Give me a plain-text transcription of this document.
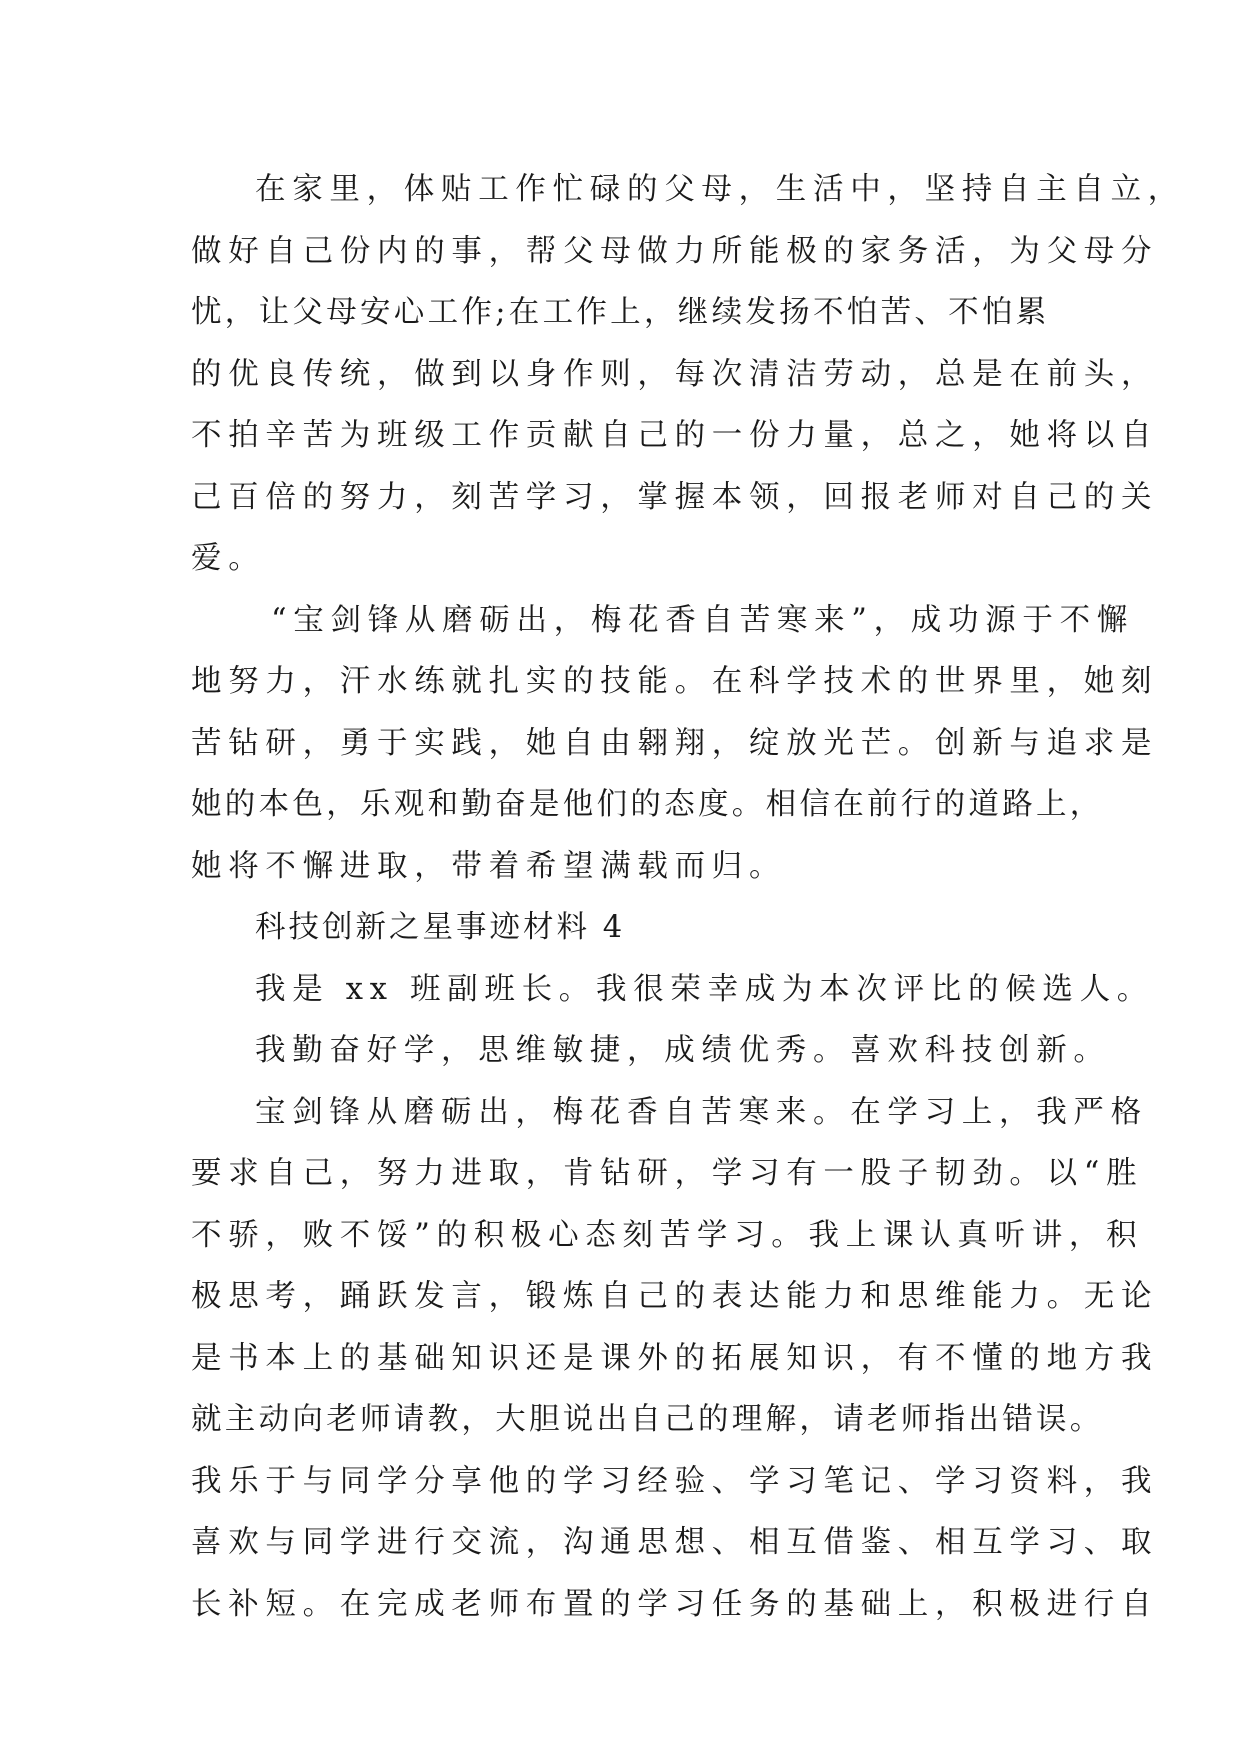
在家里，体贴工作忙碌的父母，生活中，坚持自主自立，
做好自己份内的事，帮父母做力所能极的家务活，为父母分
忧，让父母安心工作;在工作上，继续发扬不怕苦、不怕累
的优良传统，做到以身作则，每次清洁劳动，总是在前头，
不拍辛苦为班级工作贡献自己的一份力量，总之，她将以自
己百倍的努力，刻苦学习，掌握本领，回报老师对自己的关
爱。
“宝剑锋从磨砺出，梅花香自苦寒来”，成功源于不懈
地努力，汗水练就扎实的技能。在科学技术的世界里，她刻
苦钻研，勇于实践，她自由翱翔，绽放光芒。创新与追求是
她的本色，乐观和勤奋是他们的态度。相信在前行的道路上，
她将不懈进取，带着希望满载而归。
科技创新之星事迹材料 4
我是 xx 班副班长。我很荣幸成为本次评比的候选人。
我勤奋好学，思维敏捷，成绩优秀。喜欢科技创新。
宝剑锋从磨砺出，梅花香自苦寒来。在学习上，我严格
要求自己，努力进取，肯钻研，学习有一股子韧劲。以“胜
不骄，败不馁”的积极心态刻苦学习。我上课认真听讲，积
极思考，踊跃发言，锻炼自己的表达能力和思维能力。无论
是书本上的基础知识还是课外的拓展知识，有不懂的地方我
就主动向老师请教，大胆说出自己的理解，请老师指出错误。
我乐于与同学分享他的学习经验、学习笔记、学习资料，我
喜欢与同学进行交流，沟通思想、相互借鉴、相互学习、取
长补短。在完成老师布置的学习任务的基础上，积极进行自
